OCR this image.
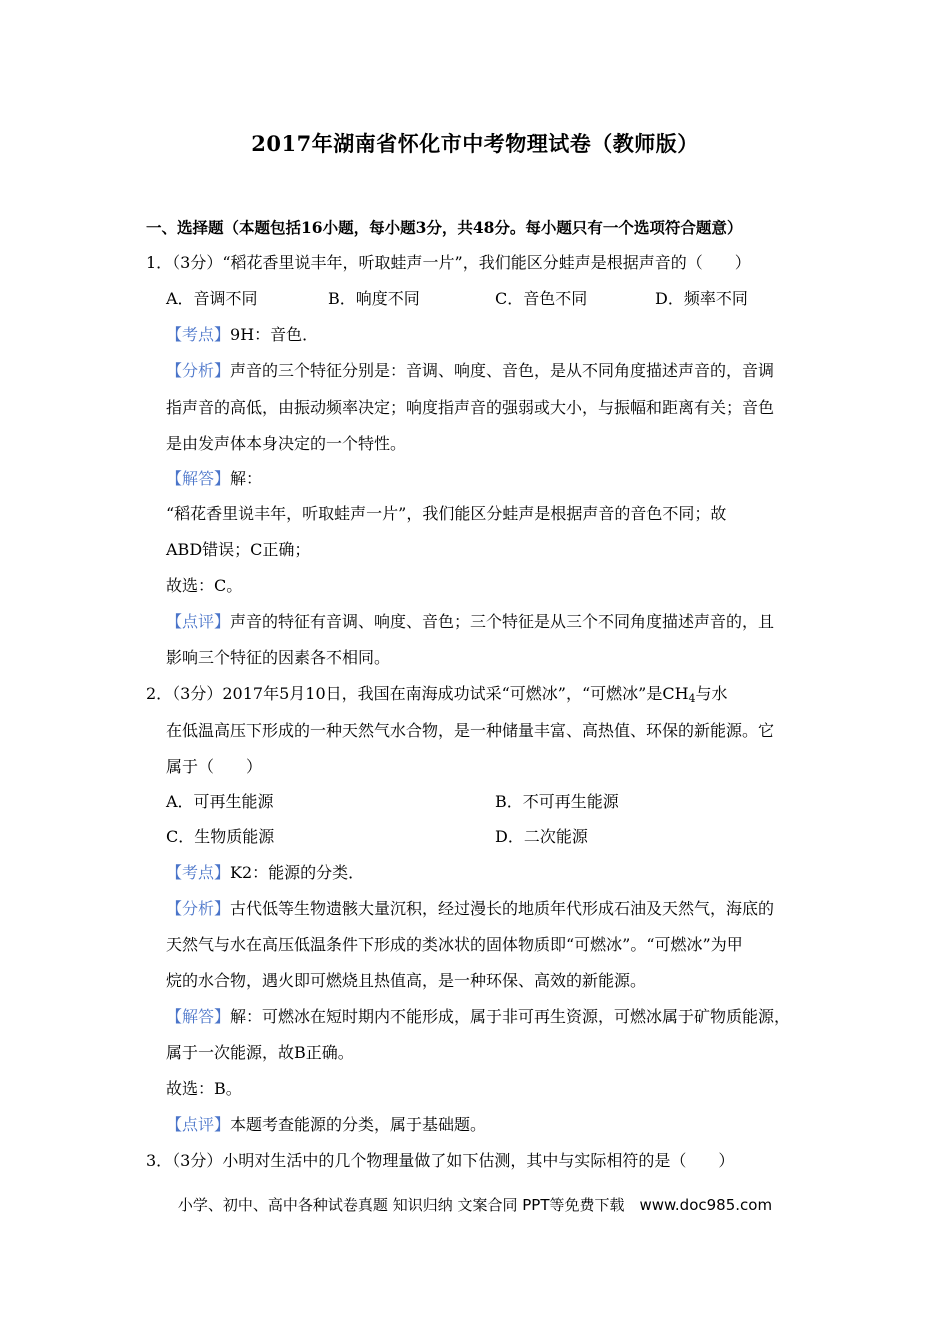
2017年湖南省怀化市中考物理试卷（教师版）
一、选择题（本题包括16小题，每小题3分，共48分。每小题只有一个选项符合题意）
1．（3分）“稻花香里说丰年，听取蛙声一片”，我们能区分蛙声是根据声音的（　　）
A．音调不同	B．响度不同	C．音色不同	D．频率不同
【考点】9H：音色．
【分析】声音的三个特征分别是：音调、响度、音色，是从不同角度描述声音的，音调
指声音的高低，由振动频率决定；响度指声音的强弱或大小，与振幅和距离有关；音色
是由发声体本身决定的一个特性。
【解答】解：
“稻花香里说丰年，听取蛙声一片”，我们能区分蛙声是根据声音的音色不同；故
ABD错误；C正确；
故选：C。
【点评】声音的特征有音调、响度、音色；三个特征是从三个不同角度描述声音的，且
影响三个特征的因素各不相同。
2．（3分）2017年5月10日，我国在南海成功试采“可燃冰”，“可燃冰”是$CH_4$与水
在低温高压下形成的一种天然气水合物，是一种储量丰富、高热值、环保的新能源。它
属于（　　）
A．可再生能源	B．不可再生能源
C．生物质能源	D．二次能源
【考点】K2：能源的分类．
【分析】古代低等生物遗骸大量沉积，经过漫长的地质年代形成石油及天然气，海底的
天然气与水在高压低温条件下形成的类冰状的固体物质即“可燃冰”。“可燃冰”为甲
烷的水合物，遇火即可燃烧且热值高，是一种环保、高效的新能源。
【解答】解：可燃冰在短时期内不能形成，属于非可再生资源，可燃冰属于矿物质能源，
属于一次能源，故B正确。
故选：B。
【点评】本题考查能源的分类，属于基础题。
3．（3分）小明对生活中的几个物理量做了如下估测，其中与实际相符的是（　　）
小学、初中、高中各种试卷真题 知识归纳 文案合同 PPT等免费下载　www.doc985.com
